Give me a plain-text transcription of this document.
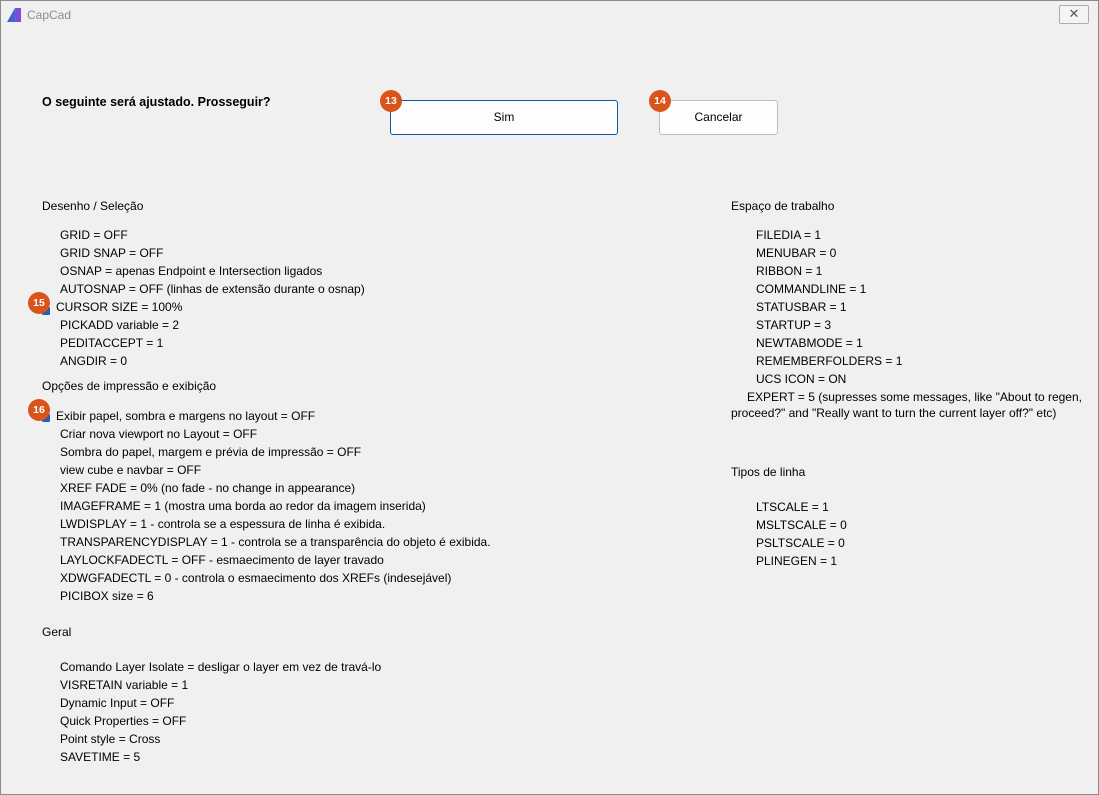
CapCad	✕
O seguinte será ajustado. Prosseguir?
Sim	Cancelar
13	14
Desenho / Seleção
GRID = OFF
GRID SNAP = OFF
OSNAP = apenas Endpoint e Intersection ligados
AUTOSNAP = OFF (linhas de extensão durante o osnap)
CURSOR SIZE = 100%
PICKADD variable = 2
PEDITACCEPT = 1
ANGDIR = 0
15
Opções de impressão e exibição
Exibir papel, sombra e margens no layout = OFF
Criar nova viewport no Layout = OFF
Sombra do papel, margem e prévia de impressão = OFF
view cube e navbar = OFF
XREF FADE = 0% (no fade - no change in appearance)
IMAGEFRAME = 1 (mostra uma borda ao redor da imagem inserida)
LWDISPLAY = 1 - controla se a espessura de linha é exibida.
TRANSPARENCYDISPLAY = 1 - controla se a transparência do objeto é exibida.
LAYLOCKFADECTL = OFF - esmaecimento de layer travado
XDWGFADECTL = 0 - controla o esmaecimento dos XREFs (indesejável)
PICIBOX size = 6
16
Geral
Comando Layer Isolate = desligar o layer em vez de travá-lo
VISRETAIN variable = 1
Dynamic Input = OFF
Quick Properties = OFF
Point style = Cross
SAVETIME = 5
Espaço de trabalho
FILEDIA = 1
MENUBAR = 0
RIBBON = 1
COMMANDLINE = 1
STATUSBAR = 1
STARTUP = 3
NEWTABMODE = 1
REMEMBERFOLDERS = 1
UCS ICON = ON
EXPERT = 5 (supresses some messages, like "About to regen,
proceed?" and "Really want to turn the current layer off?" etc)
Tipos de linha
LTSCALE = 1
MSLTSCALE = 0
PSLTSCALE = 0
PLINEGEN = 1
